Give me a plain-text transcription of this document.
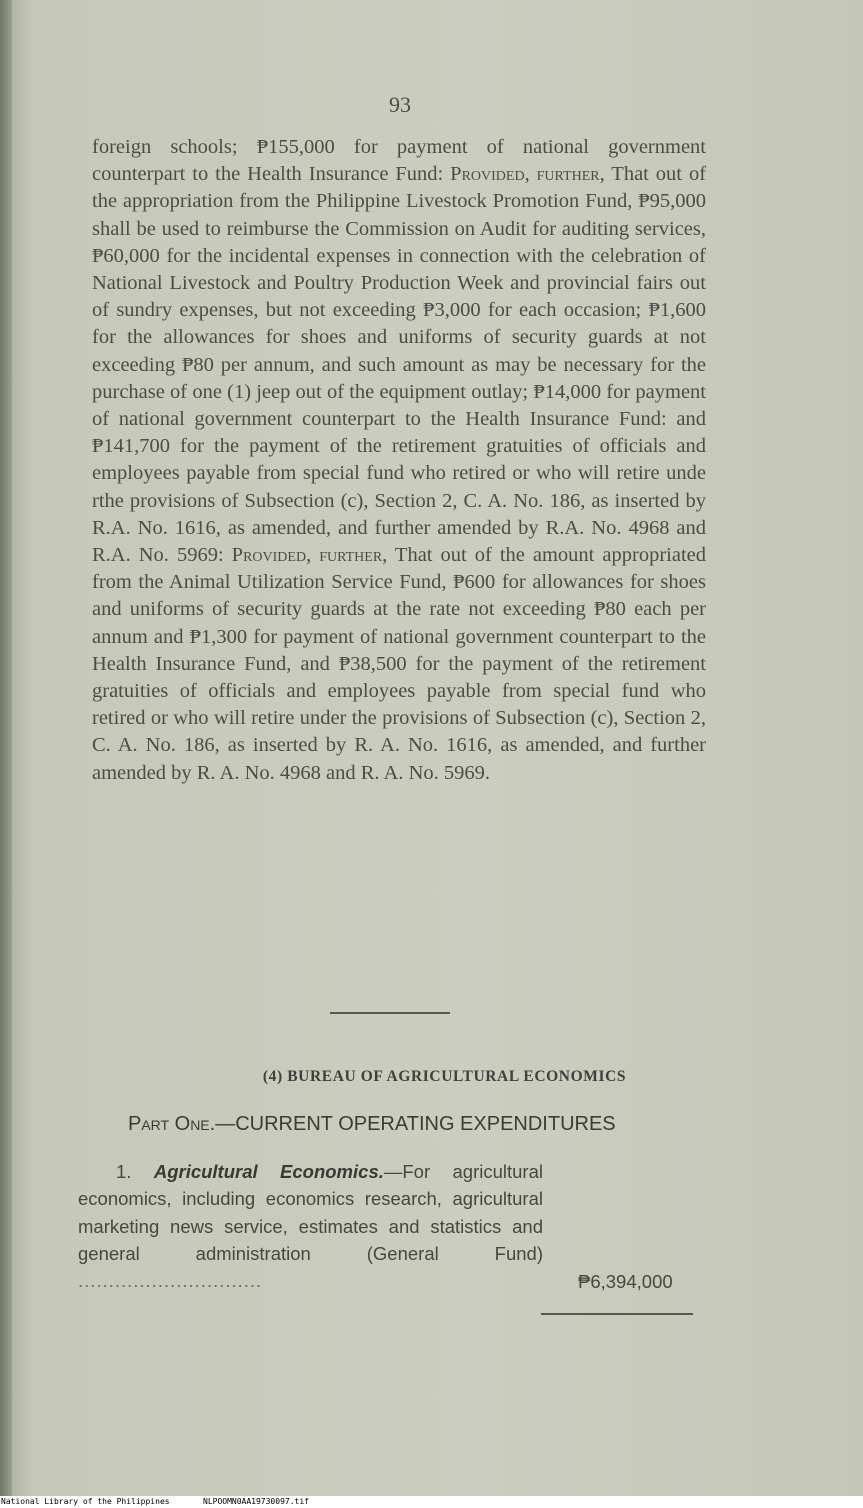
93
foreign schools; ₱155,000 for payment of national government counterpart to the Health Insurance Fund: Provided, further, That out of the appropriation from the Philippine Livestock Promotion Fund, ₱95,000 shall be used to reimburse the Commission on Audit for auditing services, ₱60,000 for the incidental expenses in connection with the celebration of National Livestock and Poultry Production Week and provincial fairs out of sundry expenses, but not exceeding ₱3,000 for each occasion; ₱1,600 for the allowances for shoes and uniforms of security guards at not exceeding ₱80 per annum, and such amount as may be necessary for the purchase of one (1) jeep out of the equipment outlay; ₱14,000 for payment of national government counterpart to the Health Insurance Fund: and ₱141,700 for the payment of the retirement gratuities of officials and employees payable from special fund who retired or who will retire unde rthe provisions of Subsection (c), Section 2, C. A. No. 186, as inserted by R.A. No. 1616, as amended, and further amended by R.A. No. 4968 and R.A. No. 5969: Provided, further, That out of the amount appropriated from the Animal Utilization Service Fund, ₱600 for allowances for shoes and uniforms of security guards at the rate not exceeding ₱80 each per annum and ₱1,300 for payment of national government counterpart to the Health Insurance Fund, and ₱38,500 for the payment of the retirement gratuities of officials and employees payable from special fund who retired or who will retire under the provisions of Subsection (c), Section 2, C. A. No. 186, as inserted by R. A. No. 1616, as amended, and further amended by R. A. No. 4968 and R. A. No. 5969.
(4) BUREAU OF AGRICULTURAL ECONOMICS
Part One.—CURRENT OPERATING EXPENDITURES
1. Agricultural Economics.—For agricultural economics, including economics research, agricultural marketing news service, estimates and statistics and general administration (General Fund) ..............................	₱6,394,000
National Library of the Philippines	NLPOOMN0AA19730097.tif
